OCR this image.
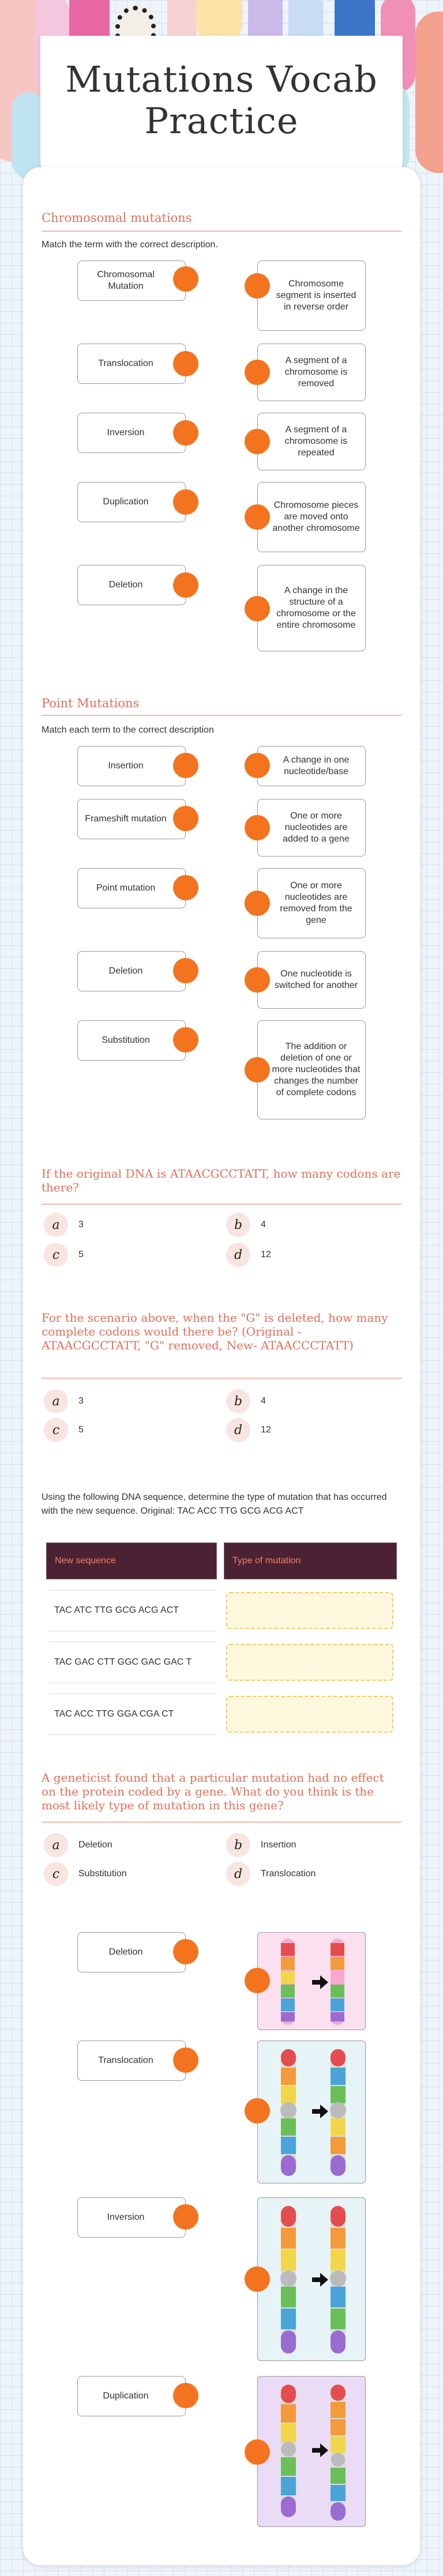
Mutations Vocab Practice
Chromosomal mutations
Match the term with the correct description.
Chromosomal Mutation
Translocation
Inversion
Duplication
Deletion
Chromosome segment is inserted in reverse order
A segment of a chromosome is removed
A segment of a chromosome is repeated
Chromosome pieces are moved onto another chromosome
A change in the structure of a chromosome or the entire chromosome
Point Mutations
Match each term to the correct description
Insertion
Frameshift mutation
Point mutation
Deletion
Substitution
A change in one nucleotide/base
One or more nucleotides are added to a gene
One or more nucleotides are removed from the gene
One nucleotide is switched for another
The addition or deletion of one or more nucleotides that changes the number of complete codons
If the original DNA is ATAACGCCTATT, how many codons are there?
a	3	b	4
c	5	d	12
For the scenario above, when the "G" is deleted, how many complete codons would there be? (Original - ATAACGCCTATT, "G" removed, New- ATAACCCTATT)
a	3	b	4
c	5	d	12
Using the following DNA sequence, determine the type of mutation that has occurred with the new sequence. Original: TAC ACC TTG GCG ACG ACT
New sequence	Type of mutation
TAC ATC TTG GCG ACG ACT
TAC GAC CTT GGC GAC GAC T
TAC ACC TTG GGA CGA CT
A geneticist found that a particular mutation had no effect on the protein coded by a gene. What do you think is the most likely type of mutation in this gene?
a	Deletion	b	Insertion
c	Substitution	d	Translocation
Deletion
Translocation
Inversion
Duplication
